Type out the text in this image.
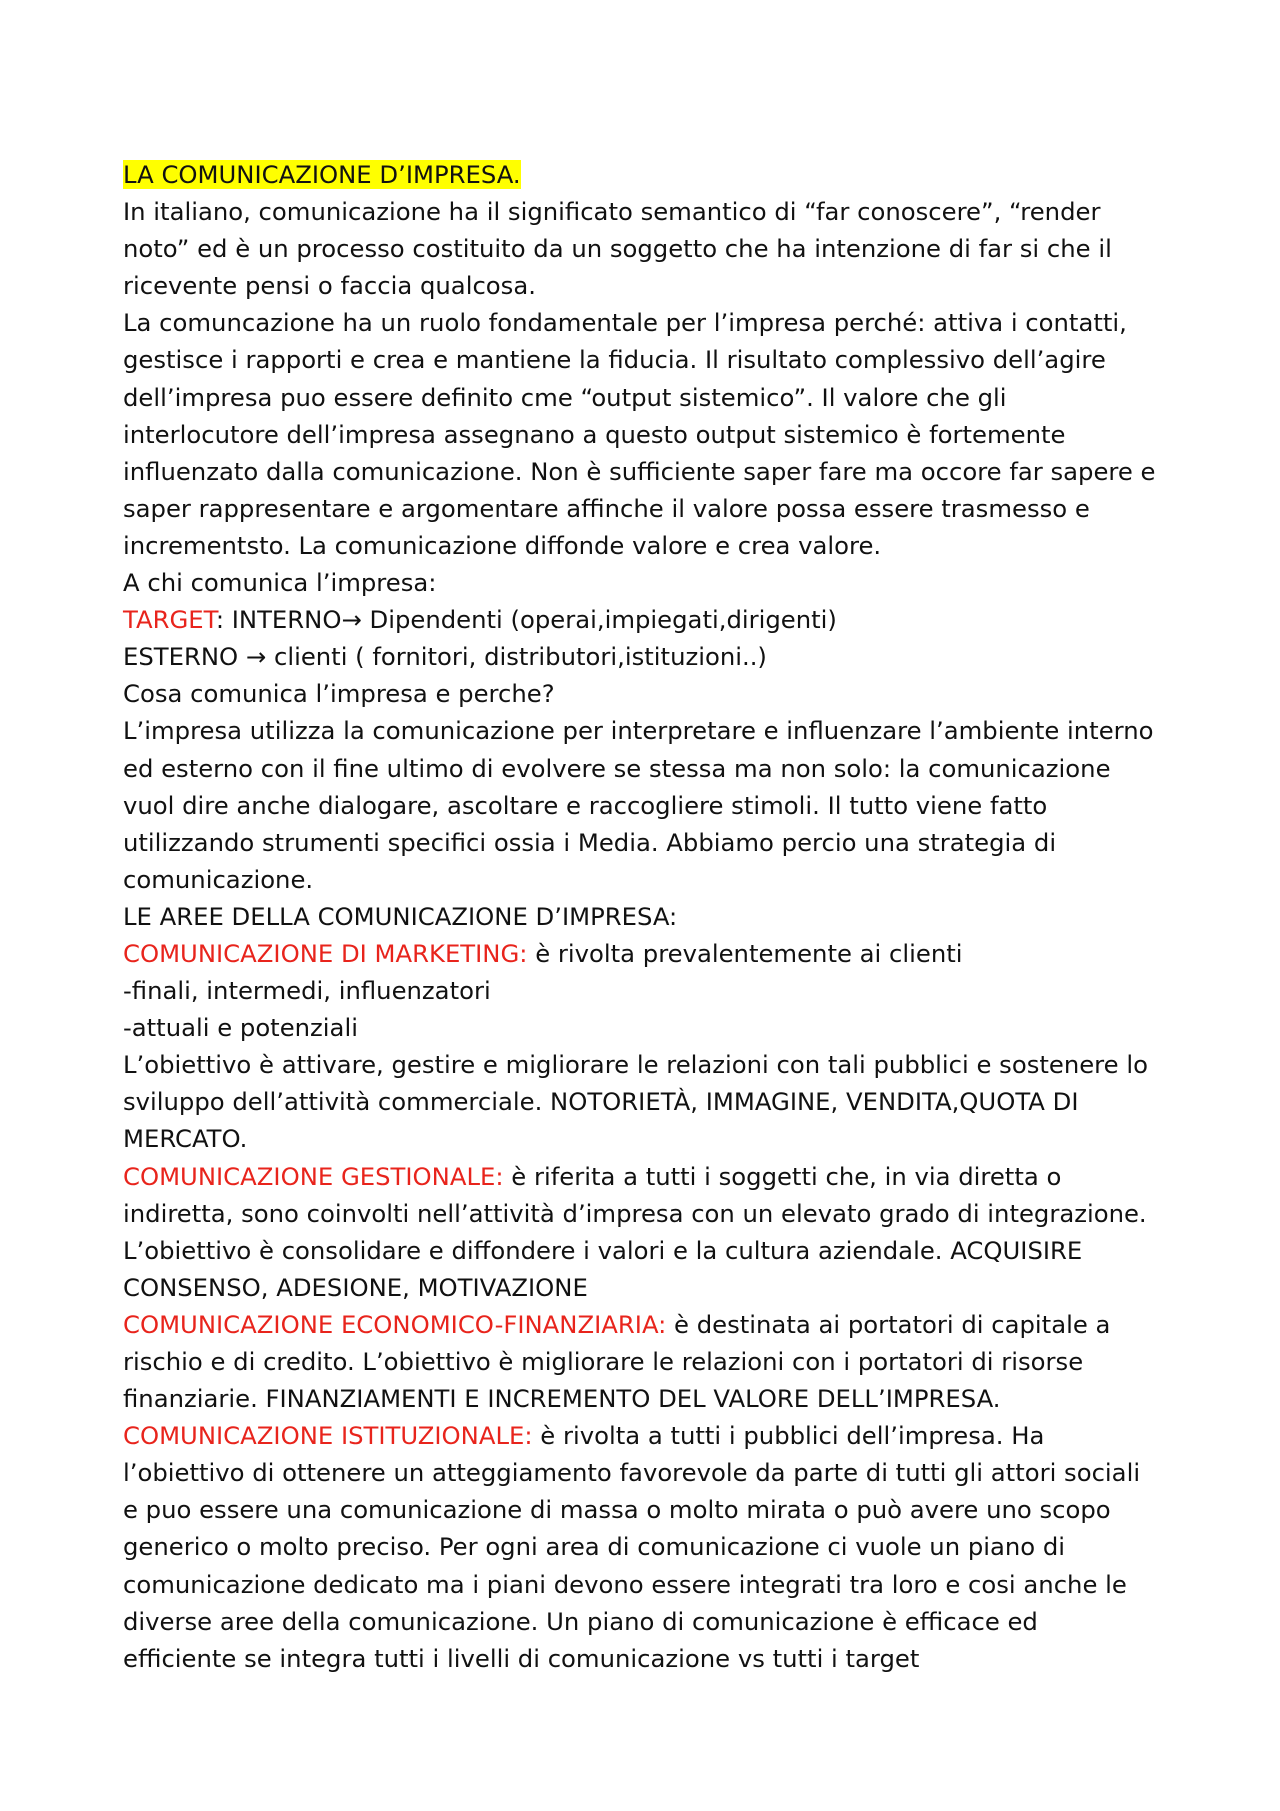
LA COMUNICAZIONE D’IMPRESA.
In italiano, comunicazione ha il significato semantico di “far conoscere”, “render
noto” ed è un processo costituito da un soggetto che ha intenzione di far si che il
ricevente pensi o faccia qualcosa.
La comuncazione ha un ruolo fondamentale per l’impresa perché: attiva i contatti,
gestisce i rapporti e crea e mantiene la fiducia. Il risultato complessivo dell’agire
dell’impresa puo essere definito cme “output sistemico”. Il valore che gli
interlocutore dell’impresa assegnano a questo output sistemico è fortemente
influenzato dalla comunicazione. Non è sufficiente saper fare ma occore far sapere e
saper rappresentare e argomentare affinche il valore possa essere trasmesso e
incrementsto. La comunicazione diffonde valore e crea valore.
A chi comunica l’impresa:
TARGET: INTERNO→ Dipendenti (operai,impiegati,dirigenti)
ESTERNO → clienti ( fornitori, distributori,istituzioni..)
Cosa comunica l’impresa e perche?
L’impresa utilizza la comunicazione per interpretare e influenzare l’ambiente interno
ed esterno con il fine ultimo di evolvere se stessa ma non solo: la comunicazione
vuol dire anche dialogare, ascoltare e raccogliere stimoli. Il tutto viene fatto
utilizzando strumenti specifici ossia i Media. Abbiamo percio una strategia di
comunicazione.
LE AREE DELLA COMUNICAZIONE D’IMPRESA:
COMUNICAZIONE DI MARKETING: è rivolta prevalentemente ai clienti
-finali, intermedi, influenzatori
-attuali e potenziali
L’obiettivo è attivare, gestire e migliorare le relazioni con tali pubblici e sostenere lo
sviluppo dell’attività commerciale. NOTORIETÀ, IMMAGINE, VENDITA,QUOTA DI
MERCATO.
COMUNICAZIONE GESTIONALE: è riferita a tutti i soggetti che, in via diretta o
indiretta, sono coinvolti nell’attività d’impresa con un elevato grado di integrazione.
L’obiettivo è consolidare e diffondere i valori e la cultura aziendale. ACQUISIRE
CONSENSO, ADESIONE, MOTIVAZIONE
COMUNICAZIONE ECONOMICO-FINANZIARIA: è destinata ai portatori di capitale a
rischio e di credito. L’obiettivo è migliorare le relazioni con i portatori di risorse
finanziarie. FINANZIAMENTI E INCREMENTO DEL VALORE DELL’IMPRESA.
COMUNICAZIONE ISTITUZIONALE: è rivolta a tutti i pubblici dell’impresa. Ha
l’obiettivo di ottenere un atteggiamento favorevole da parte di tutti gli attori sociali
e puo essere una comunicazione di massa o molto mirata o può avere uno scopo
generico o molto preciso. Per ogni area di comunicazione ci vuole un piano di
comunicazione dedicato ma i piani devono essere integrati tra loro e cosi anche le
diverse aree della comunicazione. Un piano di comunicazione è efficace ed
efficiente se integra tutti i livelli di comunicazione vs tutti i target
